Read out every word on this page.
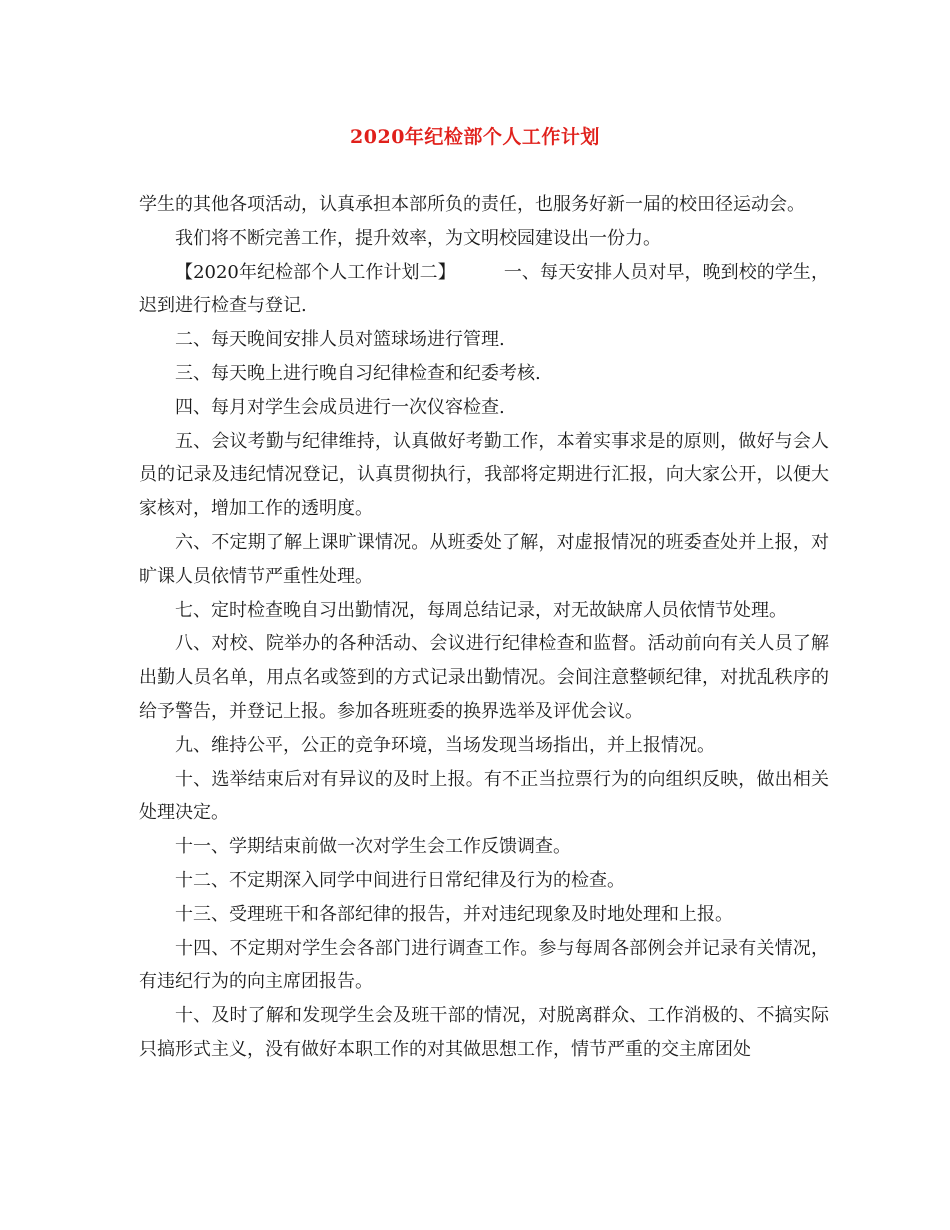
2020年纪检部个人工作计划

学生的其他各项活动，认真承担本部所负的责任，也服务好新一届的校田径运动会。

我们将不断完善工作，提升效率，为文明校园建设出一份力。

【2020年纪检部个人工作计划二】	一、每天安排人员对早，晚到校的学生，迟到进行检查与登记.

二、每天晚间安排人员对篮球场进行管理.

三、每天晚上进行晚自习纪律检查和纪委考核.

四、每月对学生会成员进行一次仪容检查.

五、会议考勤与纪律维持，认真做好考勤工作，本着实事求是的原则，做好与会人员的记录及违纪情况登记，认真贯彻执行，我部将定期进行汇报，向大家公开，以便大家核对，增加工作的透明度。

六、不定期了解上课旷课情况。从班委处了解，对虚报情况的班委查处并上报，对旷课人员依情节严重性处理。

七、定时检查晚自习出勤情况，每周总结记录，对无故缺席人员依情节处理。

八、对校、院举办的各种活动、会议进行纪律检查和监督。活动前向有关人员了解出勤人员名单，用点名或签到的方式记录出勤情况。会间注意整顿纪律，对扰乱秩序的给予警告，并登记上报。参加各班班委的换界选举及评优会议。

九、维持公平，公正的竞争环境，当场发现当场指出，并上报情况。

十、选举结束后对有异议的及时上报。有不正当拉票行为的向组织反映，做出相关处理决定。

十一、学期结束前做一次对学生会工作反馈调查。

十二、不定期深入同学中间进行日常纪律及行为的检查。

十三、受理班干和各部纪律的报告，并对违纪现象及时地处理和上报。

十四、不定期对学生会各部门进行调查工作。参与每周各部例会并记录有关情况，有违纪行为的向主席团报告。

十、及时了解和发现学生会及班干部的情况，对脱离群众、工作消极的、不搞实际只搞形式主义，没有做好本职工作的对其做思想工作，情节严重的交主席团处
